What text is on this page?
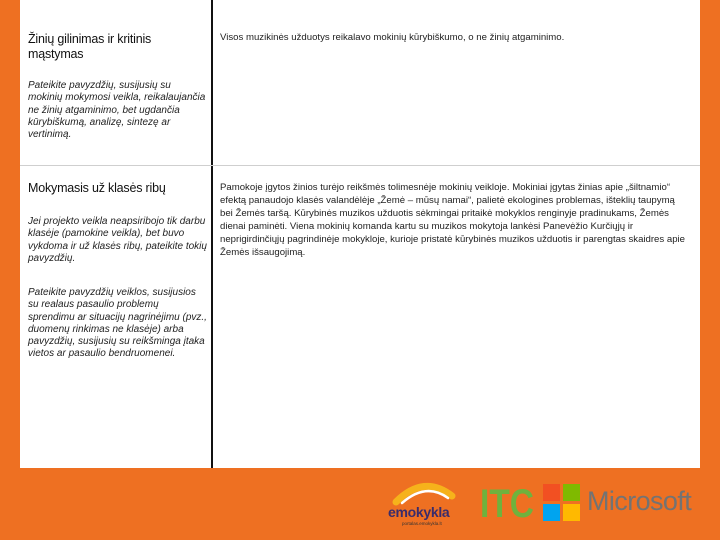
Žinių gilinimas ir kritinis mąstymas
Pateikite pavyzdžių, susijusių su mokinių mokymosi veikla, reikalaujančia ne žinių atgaminimo, bet ugdančia kūrybiškumą, analizę, sintezę ar vertinimą.
Visos muzikinės užduotys reikalavo mokinių kūrybiškumo, o ne žinių atgaminimo.
Mokymasis už klasės ribų
Jei projekto veikla neapsiribojo tik darbu klasėje (pamokine veikla), bet buvo vykdoma ir už klasės ribų, pateikite tokių pavyzdžių.
Pateikite pavyzdžių veiklos, susijusios su realaus pasaulio problemų sprendimu ar situacijų nagrinėjimu (pvz., duomenų rinkimas ne klasėje) arba pavyzdžių, susijusių su reikšminga įtaka vietos ar pasaulio bendruomenei.
Pamokoje įgytos žinios turėjo reikšmės tolimesnėje mokinių veikloje. Mokiniai įgytas žinias apie „šiltnamio“ efektą panaudojo klasės valandėlėje „Žemė – mūsų namai“, palietė ekologines problemas, išteklių taupymą bei Žemės taršą. Kūrybinės muzikos užduotis sėkmingai pritaikė mokyklos renginyje pradinukams, Žemės dienai paminėti. Viena mokinių komanda kartu su muzikos mokytoja lankėsi Panevėžio Kurčiųjų ir neprigirdinčiųjų pagrindinėje mokykloje, kurioje pristatė kūrybinės muzikos užduotis ir parengtas skaidres apie Žemės išsaugojimą.
emokykla
portalas.emokykla.lt ITC Microsoft
